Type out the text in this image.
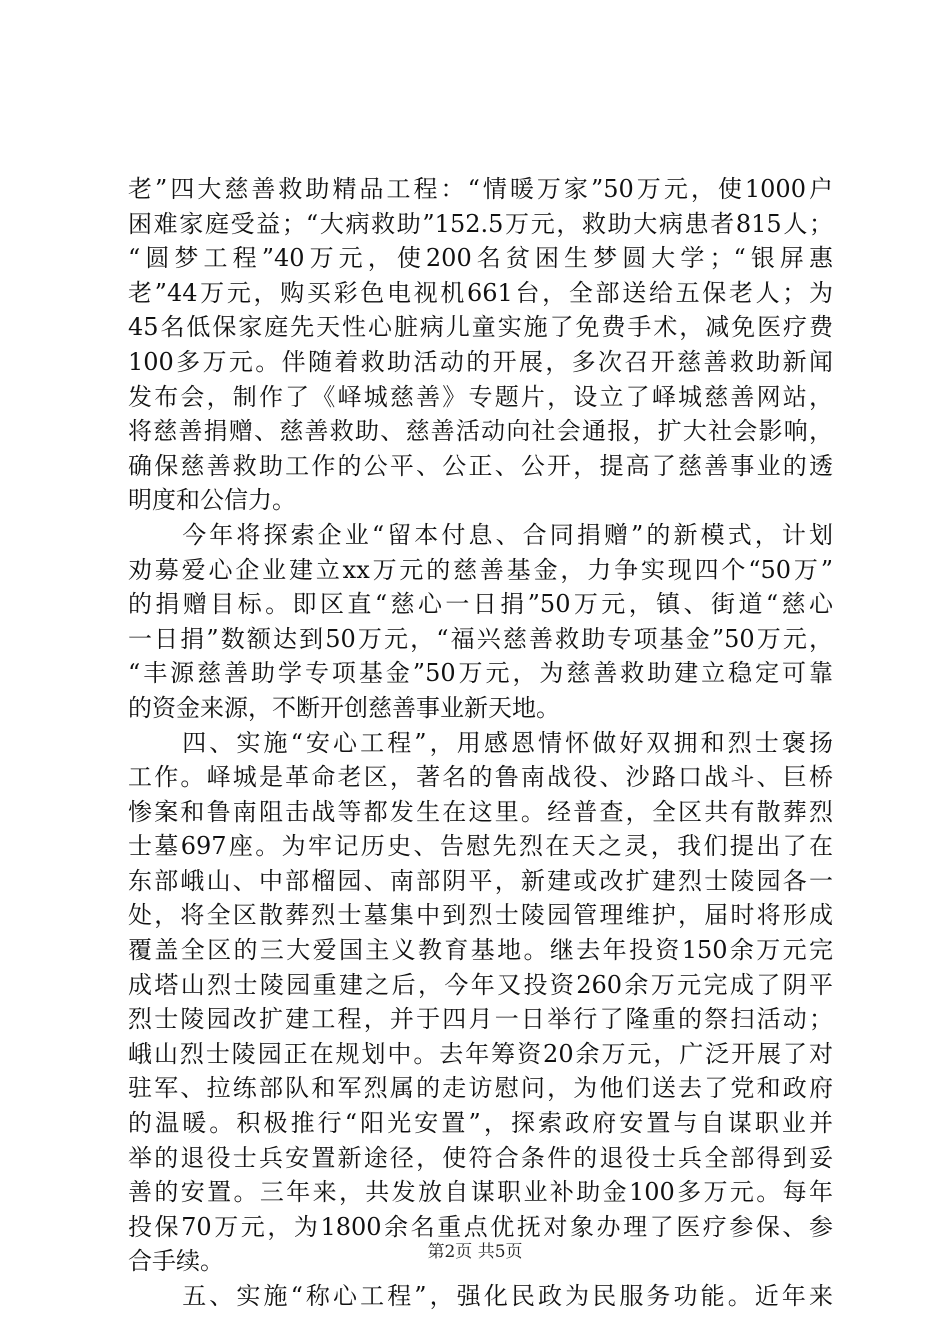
老”四大慈善救助精品工程：“情暖万家”50万元，使1000户
困难家庭受益；“大病救助”152.5万元，救助大病患者815人；
“圆梦工程”40万元，使200名贫困生梦圆大学；“银屏惠
老”44万元，购买彩色电视机661台，全部送给五保老人；为
45名低保家庭先天性心脏病儿童实施了免费手术，减免医疗费
100多万元。伴随着救助活动的开展，多次召开慈善救助新闻
发布会，制作了《峄城慈善》专题片，设立了峄城慈善网站，
将慈善捐赠、慈善救助、慈善活动向社会通报，扩大社会影响，
确保慈善救助工作的公平、公正、公开，提高了慈善事业的透
明度和公信力。
　　今年将探索企业“留本付息、合同捐赠”的新模式，计划
劝募爱心企业建立xx万元的慈善基金，力争实现四个“50万”
的捐赠目标。即区直“慈心一日捐”50万元，镇、街道“慈心
一日捐”数额达到50万元，“福兴慈善救助专项基金”50万元，
“丰源慈善助学专项基金”50万元，为慈善救助建立稳定可靠
的资金来源，不断开创慈善事业新天地。
　　四、实施“安心工程”，用感恩情怀做好双拥和烈士褒扬
工作。峄城是革命老区，著名的鲁南战役、沙路口战斗、巨桥
惨案和鲁南阻击战等都发生在这里。经普查，全区共有散葬烈
士墓697座。为牢记历史、告慰先烈在天之灵，我们提出了在
东部峨山、中部榴园、南部阴平，新建或改扩建烈士陵园各一
处，将全区散葬烈士墓集中到烈士陵园管理维护，届时将形成
覆盖全区的三大爱国主义教育基地。继去年投资150余万元完
成塔山烈士陵园重建之后，今年又投资260余万元完成了阴平
烈士陵园改扩建工程，并于四月一日举行了隆重的祭扫活动；
峨山烈士陵园正在规划中。去年筹资20余万元，广泛开展了对
驻军、拉练部队和军烈属的走访慰问，为他们送去了党和政府
的温暖。积极推行“阳光安置”，探索政府安置与自谋职业并
举的退役士兵安置新途径，使符合条件的退役士兵全部得到妥
善的安置。三年来，共发放自谋职业补助金100多万元。每年
投保70万元，为1800余名重点优抚对象办理了医疗参保、参
合手续。
　　五、实施“称心工程”，强化民政为民服务功能。近年来
第2页 共5页
